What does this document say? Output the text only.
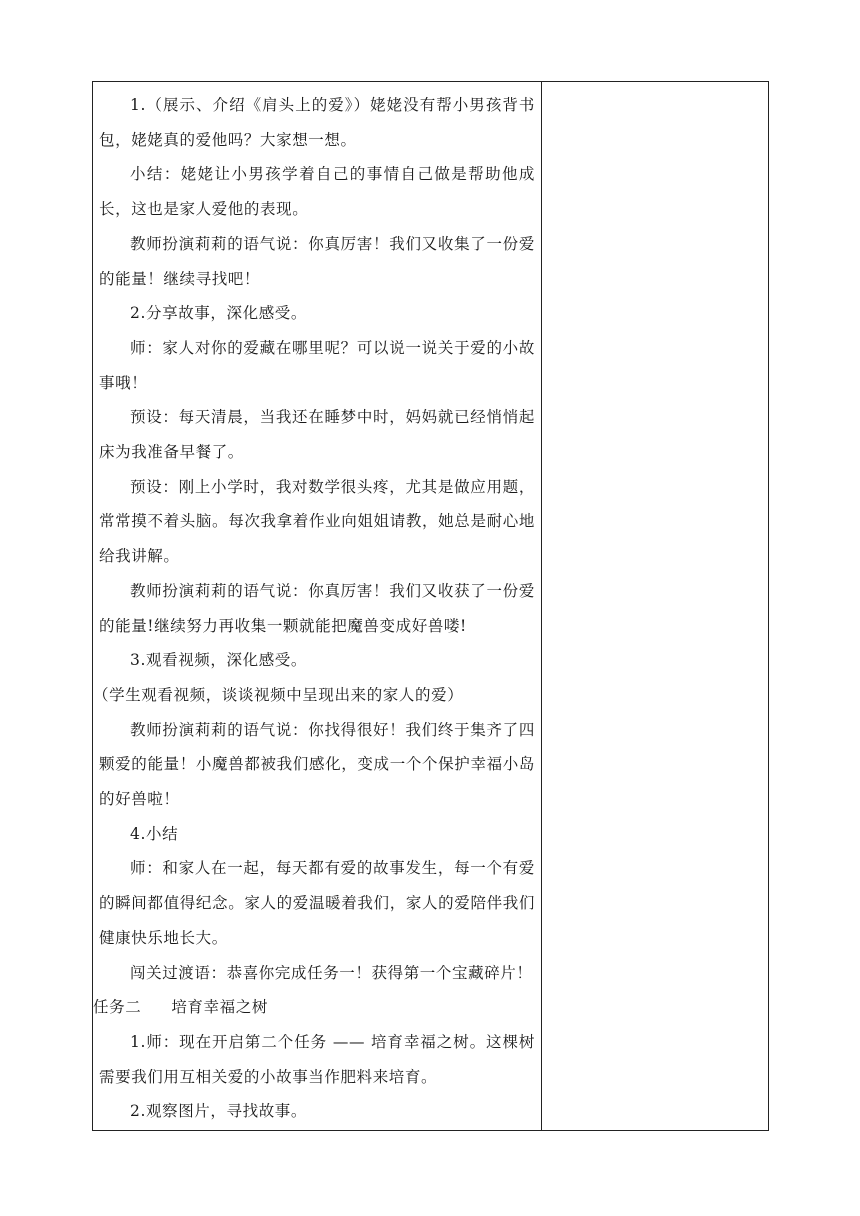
1.（展示、介绍《肩头上的爱》）姥姥没有帮小男孩背书包，姥姥真的爱他吗？大家想一想。

小结：姥姥让小男孩学着自己的事情自己做是帮助他成长，这也是家人爱他的表现。

教师扮演莉莉的语气说：你真厉害！我们又收集了一份爱的能量！继续寻找吧！

2.分享故事，深化感受。

师：家人对你的爱藏在哪里呢？可以说一说关于爱的小故事哦！

预设：每天清晨，当我还在睡梦中时，妈妈就已经悄悄起床为我准备早餐了。

预设：刚上小学时，我对数学很头疼，尤其是做应用题，常常摸不着头脑。每次我拿着作业向姐姐请教，她总是耐心地给我讲解。

教师扮演莉莉的语气说：你真厉害！我们又收获了一份爱的能量!继续努力再收集一颗就能把魔兽变成好兽喽!

3.观看视频，深化感受。

（学生观看视频，谈谈视频中呈现出来的家人的爱）

教师扮演莉莉的语气说：你找得很好！我们终于集齐了四颗爱的能量！小魔兽都被我们感化，变成一个个保护幸福小岛的好兽啦！

4.小结

师：和家人在一起，每天都有爱的故事发生，每一个有爱的瞬间都值得纪念。家人的爱温暖着我们，家人的爱陪伴我们健康快乐地长大。

闯关过渡语：恭喜你完成任务一！获得第一个宝藏碎片！

任务二 培育幸福之树

1.师：现在开启第二个任务 —— 培育幸福之树。这棵树需要我们用互相关爱的小故事当作肥料来培育。

2.观察图片，寻找故事。
